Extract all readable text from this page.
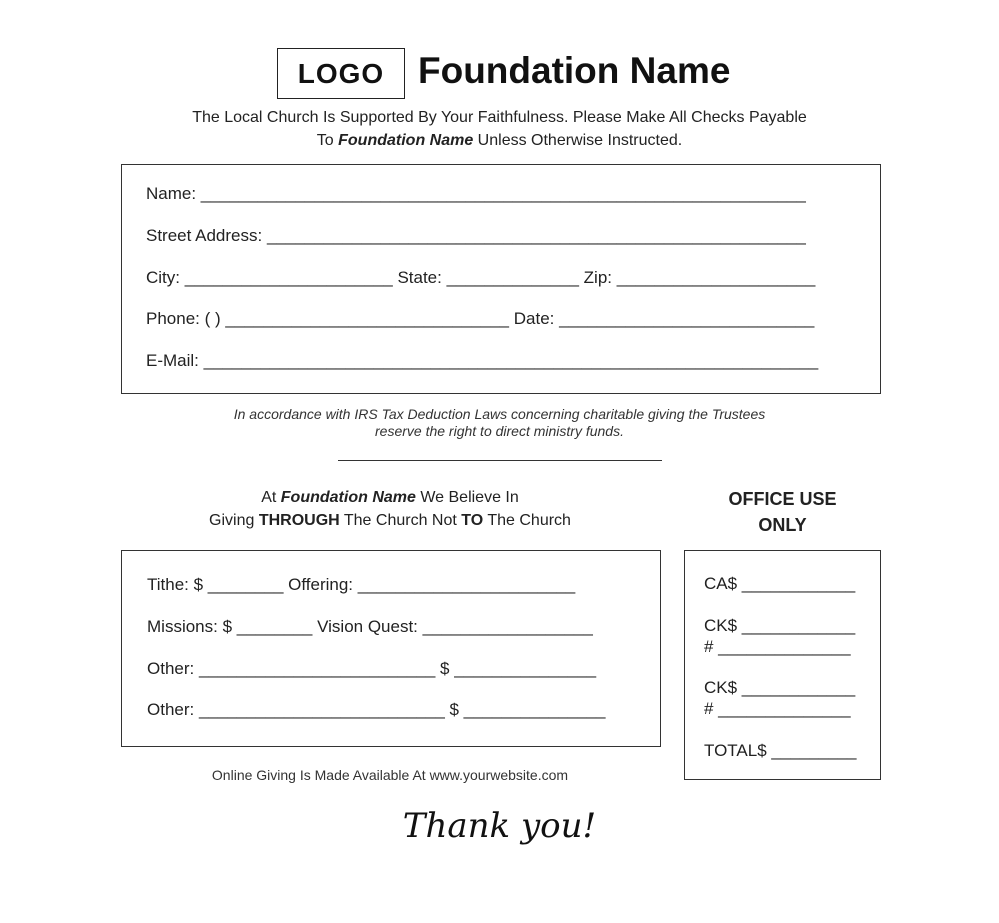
LOGO Foundation Name
The Local Church Is Supported By Your Faithfulness. Please Make All Checks Payable
To Foundation Name Unless Otherwise Instructed.
Name: ________________________________________________________________
Street Address: _________________________________________________________
City: ______________________ State: ______________ Zip: _____________________
Phone: ( ) ______________________________ Date: ___________________________
E-Mail: _________________________________________________________________
In accordance with IRS Tax Deduction Laws concerning charitable giving the Trustees
reserve the right to direct ministry funds.
At Foundation Name We Believe In
Giving THROUGH The Church Not TO The Church
OFFICE USE
ONLY
Tithe: $ ________ Offering: _______________________
Missions: $ ________ Vision Quest: __________________
Other: _________________________ $ _______________
Other: __________________________ $ _______________
CA$ ____________
CK$ ____________
# ______________
CK$ ____________
# ______________
TOTAL$ _________
Online Giving Is Made Available At www.yourwebsite.com
Thank you!
